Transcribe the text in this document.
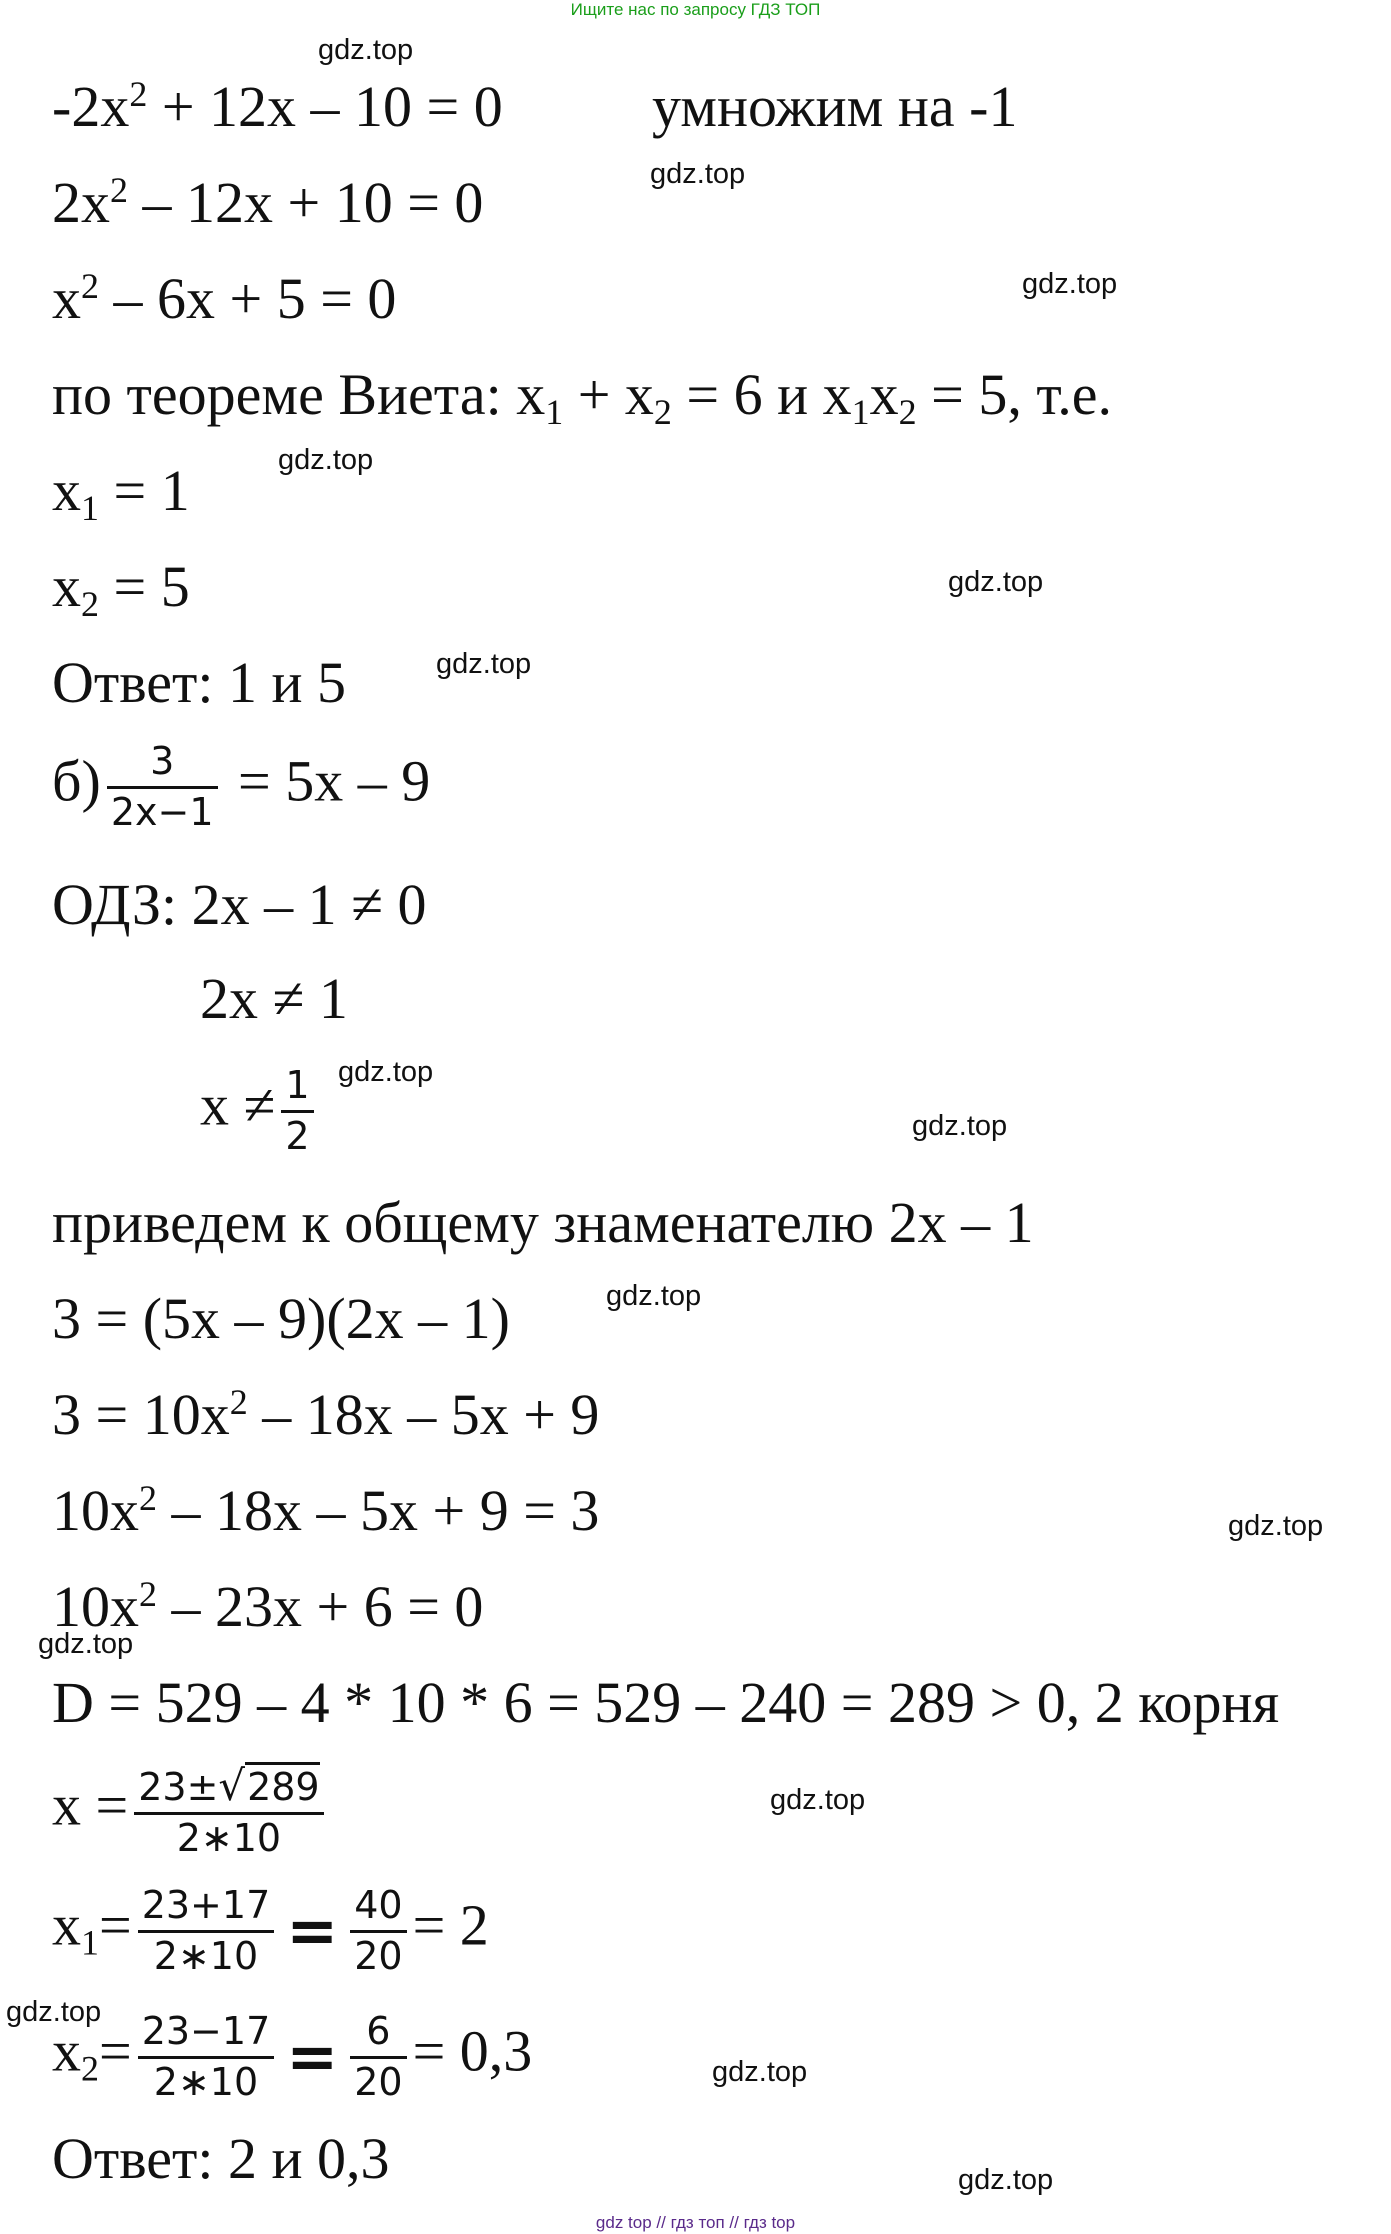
Ищите нас по запросу ГДЗ ТОП
$-2x^2 + 12x - 10 = 0$	умножим на -1
$2x^2 - 12x + 10 = 0$
$x^2 - 6x + 5 = 0$
по теореме Виета: $x_1 + x_2 = 6$ и $x_1x_2 = 5$, т.е.
$x_1 = 1$
$x_2 = 5$
Ответ: 1 и 5
$б) \frac{3}{2x-1} = 5x - 9$
ОДЗ: 2x – 1 ≠ 0
2x ≠ 1
$x \ne \frac{1}{2}$
приведем к общему знаменателю 2x – 1
3 = (5x – 9)(2x – 1)
$3 = 10x^2 - 18x - 5x + 9$
$10x^2 - 18x - 5x + 9 = 3$
$10x^2 - 23x + 6 = 0$
D = 529 – 4 * 10 * 6 = 529 – 240 = 289 > 0, 2 корня
$x = \frac{23\pm√289}{2∗10}$
$x_1= \frac{23+17}{2∗10} = \frac{40}{20} = 2$
$x_2= \frac{23-17}{2∗10} = \frac{6}{20} = 0,3$
Ответ: 2 и 0,3
gdz.top
gdz.top
gdz.top
gdz.top
gdz.top
gdz.top
gdz.top
gdz.top
gdz.top
gdz.top
gdz.top
gdz.top
gdz.top
gdz.top
gdz.top
gdz top // гдз топ // гдз top
